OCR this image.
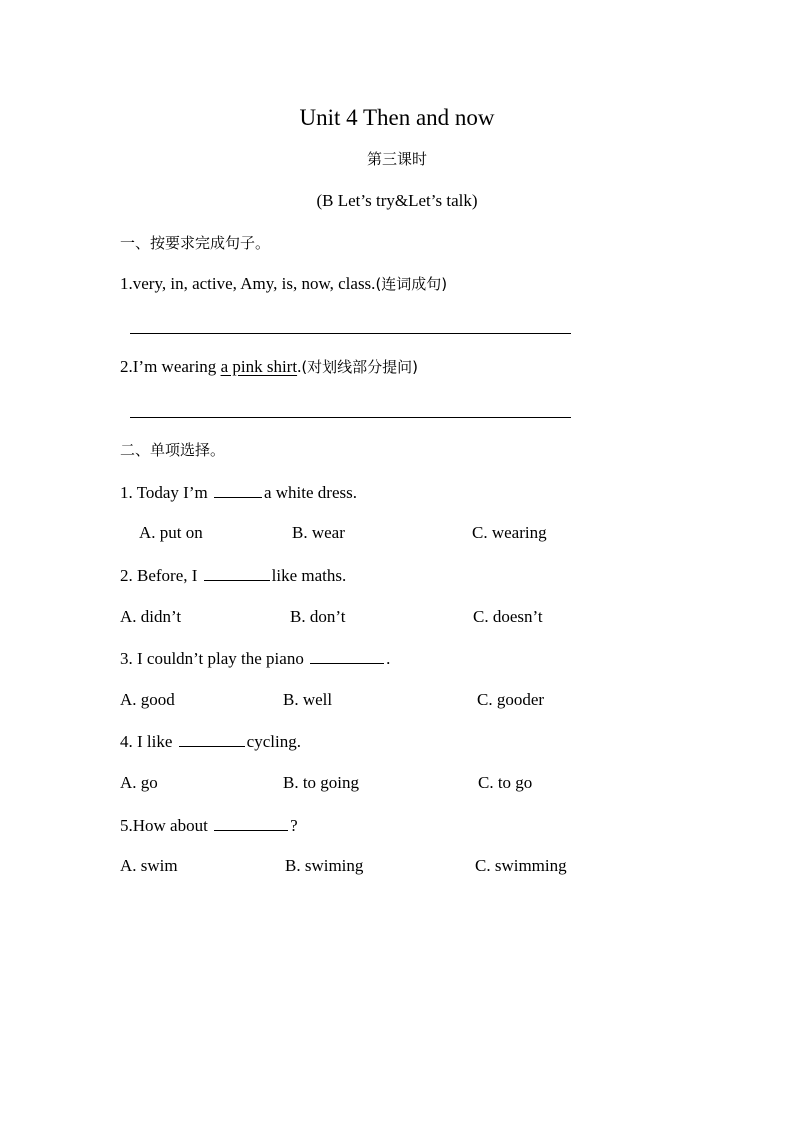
Unit 4 Then and now
第三课时
(B Let’s try&Let’s talk)
一、按要求完成句子。
1.very, in, active, Amy, is, now, class.(连词成句)
2.I’m wearing a pink shirt.(对划线部分提问)
二、单项选择。
1. Today I’m	a white dress.
A. put on	B. wear	C. wearing
2. Before, I	like maths.
A. didn’t	B. don’t	C. doesn’t
3. I couldn’t play the piano	.
A. good	B. well	C. gooder
4. I like	cycling.
A. go	B. to going	C. to go
5.How about	?
A. swim	B. swiming	C. swimming
